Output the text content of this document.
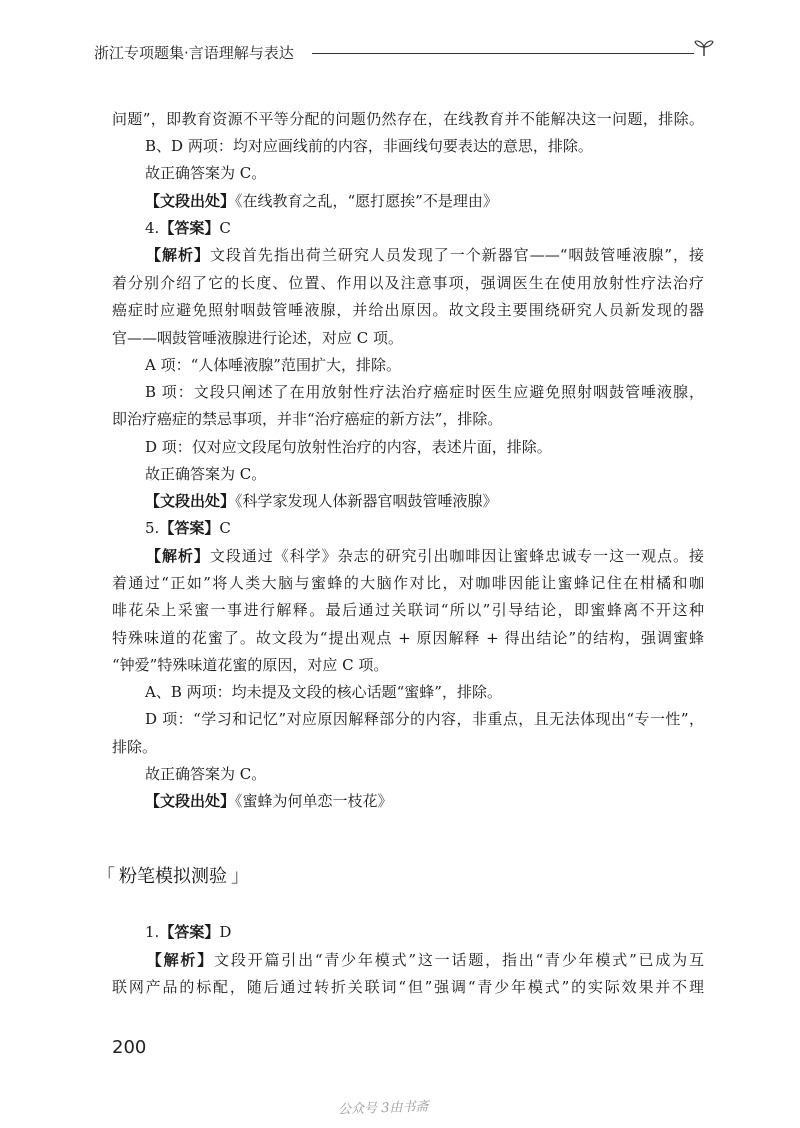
浙江专项题集·言语理解与表达
问题”，即教育资源不平等分配的问题仍然存在，在线教育并不能解决这一问题，排除。
B、D 两项：均对应画线前的内容，非画线句要表达的意思，排除。
故正确答案为 C。
【文段出处】《在线教育之乱，“愿打愿挨”不是理由》
4.【答案】C
【解析】文段首先指出荷兰研究人员发现了一个新器官——“咽鼓管唾液腺”，接
着分别介绍了它的长度、位置、作用以及注意事项，强调医生在使用放射性疗法治疗
癌症时应避免照射咽鼓管唾液腺，并给出原因。故文段主要围绕研究人员新发现的器
官——咽鼓管唾液腺进行论述，对应 C 项。
A 项：“人体唾液腺”范围扩大，排除。
B 项：文段只阐述了在用放射性疗法治疗癌症时医生应避免照射咽鼓管唾液腺，
即治疗癌症的禁忌事项，并非“治疗癌症的新方法”，排除。
D 项：仅对应文段尾句放射性治疗的内容，表述片面，排除。
故正确答案为 C。
【文段出处】《科学家发现人体新器官咽鼓管唾液腺》
5.【答案】C
【解析】文段通过《科学》杂志的研究引出咖啡因让蜜蜂忠诚专一这一观点。接
着通过“正如”将人类大脑与蜜蜂的大脑作对比，对咖啡因能让蜜蜂记住在柑橘和咖
啡花朵上采蜜一事进行解释。最后通过关联词“所以”引导结论，即蜜蜂离不开这种
特殊味道的花蜜了。故文段为“提出观点 + 原因解释 + 得出结论”的结构，强调蜜蜂
“钟爱”特殊味道花蜜的原因，对应 C 项。
A、B 两项：均未提及文段的核心话题“蜜蜂”，排除。
D 项：“学习和记忆”对应原因解释部分的内容，非重点，且无法体现出“专一性”，
排除。
故正确答案为 C。
【文段出处】《蜜蜂为何单恋一枝花》
「 粉笔模拟测验 」
1.【答案】D
【解析】文段开篇引出“青少年模式”这一话题，指出“青少年模式”已成为互
联网产品的标配，随后通过转折关联词“但”强调“青少年模式”的实际效果并不理
200
公众号 3由书斋
